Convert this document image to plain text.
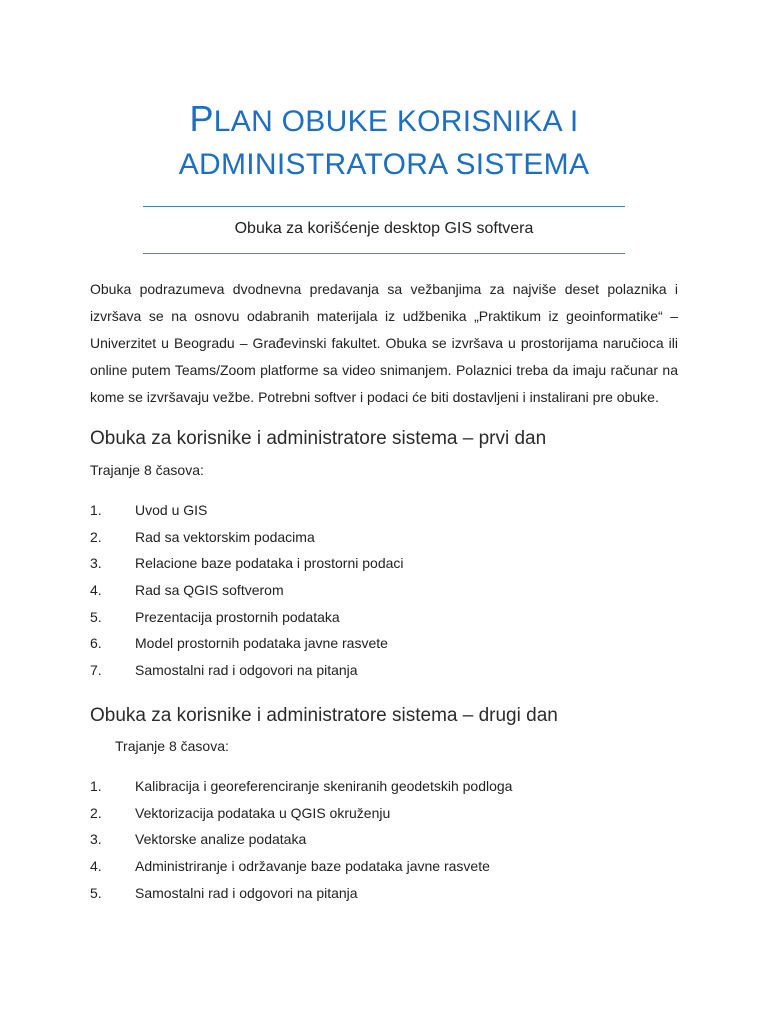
PLAN OBUKE KORISNIKA I
ADMINISTRATORA SISTEMA
Obuka za korišćenje desktop GIS softvera

Obuka podrazumeva dvodnevna predavanja sa vežbanjima za najviše deset polaznika i izvršava se na osnovu odabranih materijala iz udžbenika „Praktikum iz geoinformatike“ – Univerzitet u Beogradu – Građevinski fakultet. Obuka se izvršava u prostorijama naručioca ili online putem Teams/Zoom platforme sa video snimanjem. Polaznici treba da imaju računar na kome se izvršavaju vežbe. Potrebni softver i podaci će biti dostavljeni i instalirani pre obuke.

Obuka za korisnike i administratore sistema – prvi dan

Trajanje 8 časova:

1.	Uvod u GIS
2.	Rad sa vektorskim podacima
3.	Relacione baze podataka i prostorni podaci
4.	Rad sa QGIS softverom
5.	Prezentacija prostornih podataka
6.	Model prostornih podataka javne rasvete
7.	Samostalni rad i odgovori na pitanja
Obuka za korisnike i administratore sistema – drugi dan

Trajanje 8 časova:

1.	Kalibracija i georeferenciranje skeniranih geodetskih podloga
2.	Vektorizacija podataka u QGIS okruženju
3.	Vektorske analize podataka
4.	Administriranje i održavanje baze podataka javne rasvete
5.	Samostalni rad i odgovori na pitanja
